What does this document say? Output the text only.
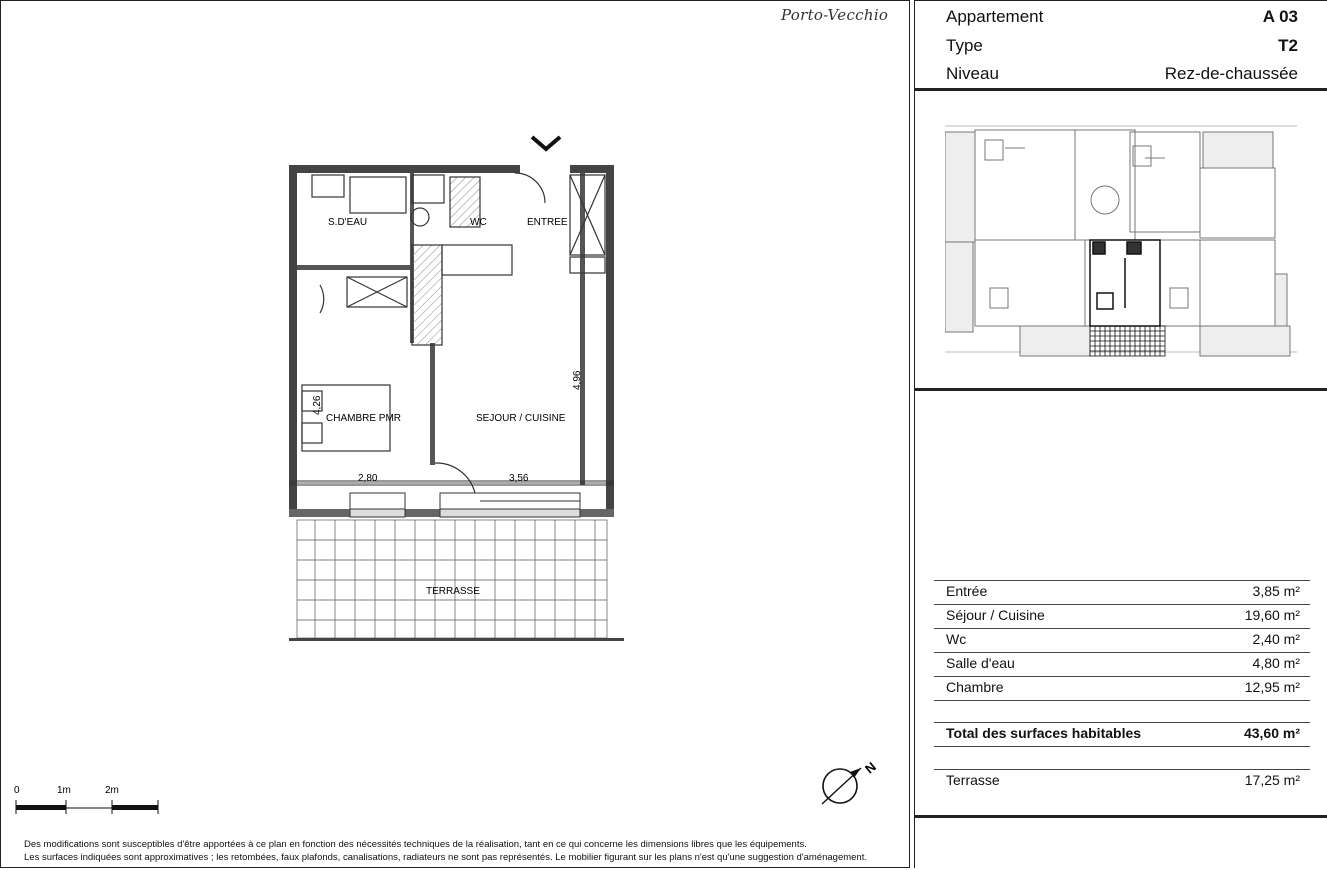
Porto-Vecchio	Appartement	A 03
Type	T2
Niveau	Rez-de-chaussée
Entrée	3,85 m²
Séjour / Cuisine	19,60 m²
Wc	2,40 m²
Salle d'eau	4,80 m²
Chambre	12,95 m²
Total des surfaces habitables	43,60 m²
Terrasse	17,25 m²
S.D'EAU	WC	ENTREE
CHAMBRE PMR	SEJOUR / CUISINE
TERRASSE
2,80	3,56
4,96
4,26
0	1m	2m
N
Des modifications sont susceptibles d'être apportées à ce plan en fonction des nécessités techniques de la réalisation, tant en ce qui concerne les dimensions libres que les équipements.
Les surfaces indiquées sont approximatives ; les retombées, faux plafonds, canalisations, radiateurs ne sont pas représentés. Le mobilier figurant sur les plans n'est qu'une suggestion d'aménagement.
